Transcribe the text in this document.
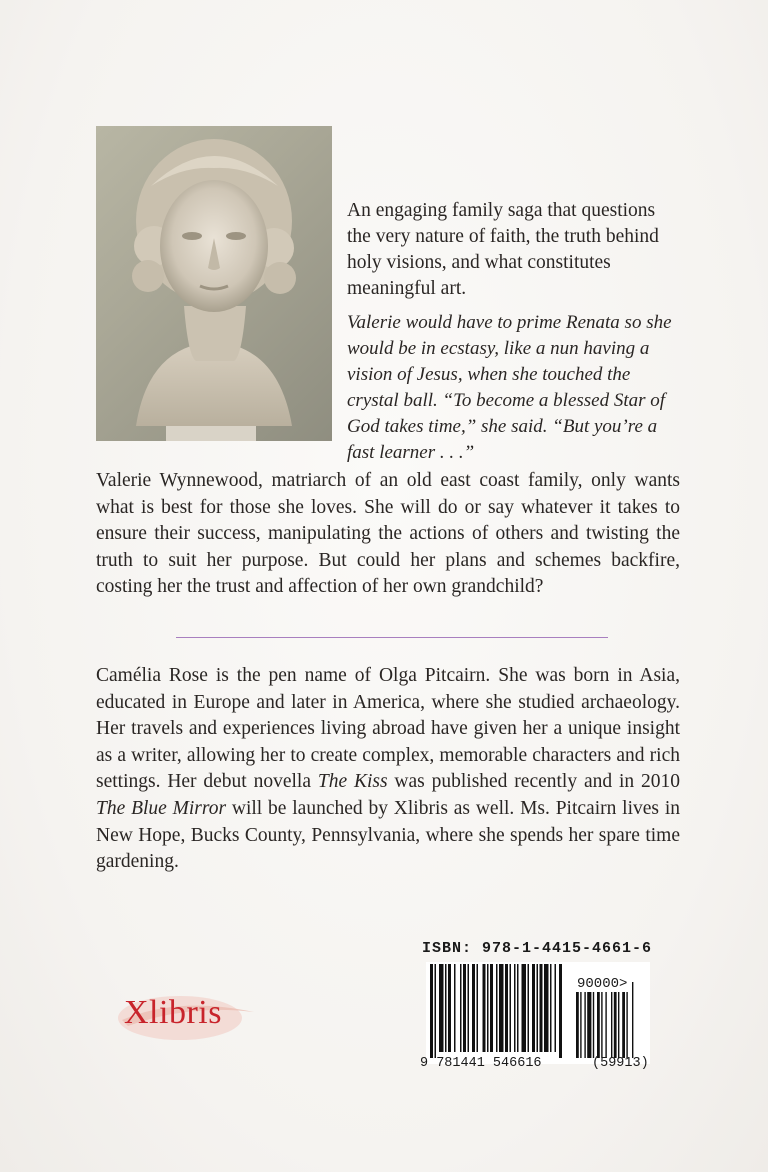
An engaging family saga that questions the very nature of faith, the truth behind holy visions, and what constitutes meaningful art.

Valerie would have to prime Renata so she would be in ecstasy, like a nun having a vision of Jesus, when she touched the crystal ball. “To become a blessed Star of God takes time,” she said. “But you’re a fast learner . . .”

Valerie Wynnewood, matriarch of an old east coast family, only wants what is best for those she loves. She will do or say whatever it takes to ensure their success, manipulating the actions of others and twisting the truth to suit her purpose. But could her plans and schemes backfire, costing her the trust and affection of her own grandchild?

Camélia Rose is the pen name of Olga Pitcairn. She was born in Asia, educated in Europe and later in America, where she studied archaeology. Her travels and experiences living abroad have given her a unique insight as a writer, allowing her to create complex, memorable characters and rich settings. Her debut novella The Kiss was published recently and in 2010 The Blue Mirror will be launched by Xlibris as well. Ms. Pitcairn lives in New Hope, Bucks County, Pennsylvania, where she spends her spare time gardening.

Xlibris
ISBN: 978-1-4415-4661-6
90000>
9 781441 546616	(59913)
